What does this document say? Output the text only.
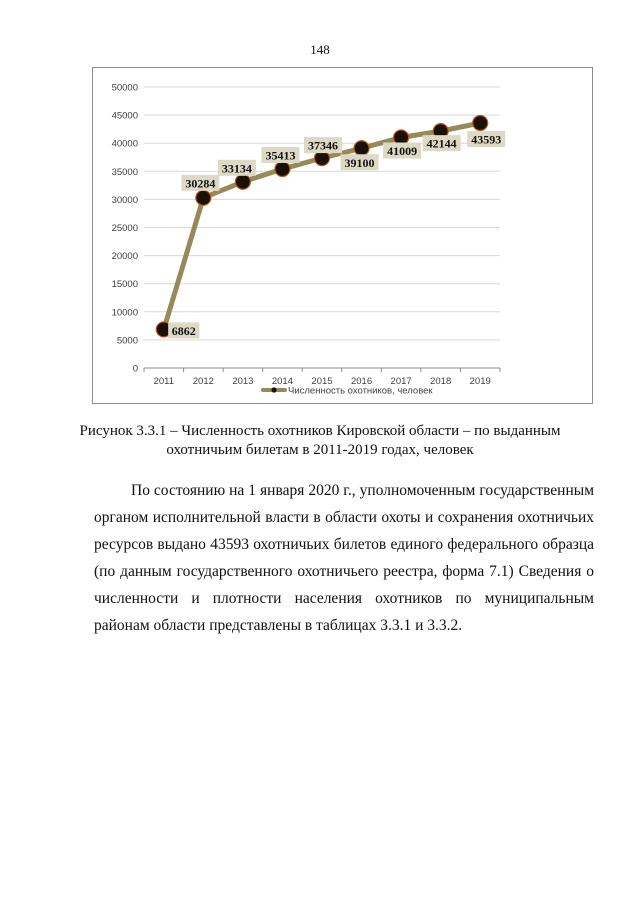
148
0
5000
10000
15000
20000
25000
30000
35000
40000
45000
50000
2011 2012 2013 2014 2015 2016 2017 2018 2019
6862
30284
33134
35413
37346
39100
41009
42144 43593
Численность охотников, человек
Рисунок 3.3.1 – Численность охотников Кировской области – по выданным
охотничьим билетам в 2011-2019 годах, человек

По состоянию на 1 января 2020 г., уполномоченным государственным органом исполнительной власти в области охоты и сохранения охотничьих ресурсов выдано 43593 охотничьих билетов единого федерального образца (по данным государственного охотничьего реестра, форма 7.1) Сведения о численности и плотности населения охотников по муниципальным районам области представлены в таблицах 3.3.1 и 3.3.2.
